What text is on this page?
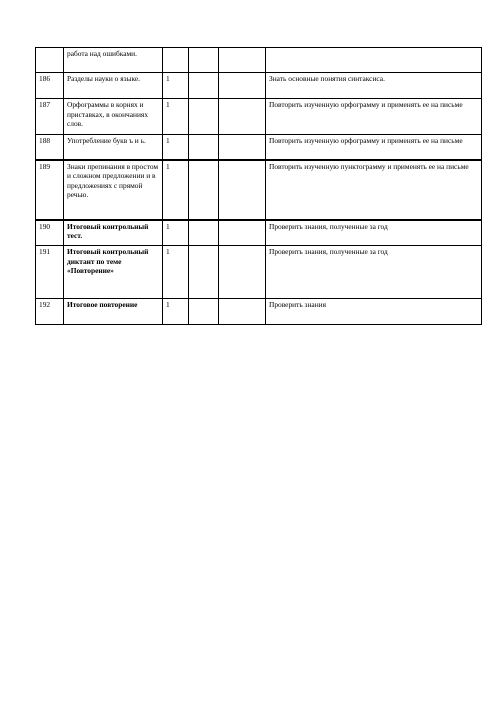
	работа над ошибками.				
186	Разделы науки о языке.	1			Знать основные понятия синтаксиса.
187	Орфограммы в корнях и приставках, в окончаниях слов.	1			Повторить изученную орфограмму и применять ее на письме
188	Употребление букв ъ и ь.	1			Повторить изученную орфограмму и применять ее на письме
189	Знаки препинания в простом и сложном предложении и в предложениях с прямой речью.	1			Повторить изученную пунктограмму и применять ее на письме
190	Итоговый контрольный тест.	1			Проверить знания, полученные за год
191	Итоговый контрольный диктант по теме «Повторение»	1			Проверить знания, полученные за год
192	Итоговое повторение	1			Проверить знания
